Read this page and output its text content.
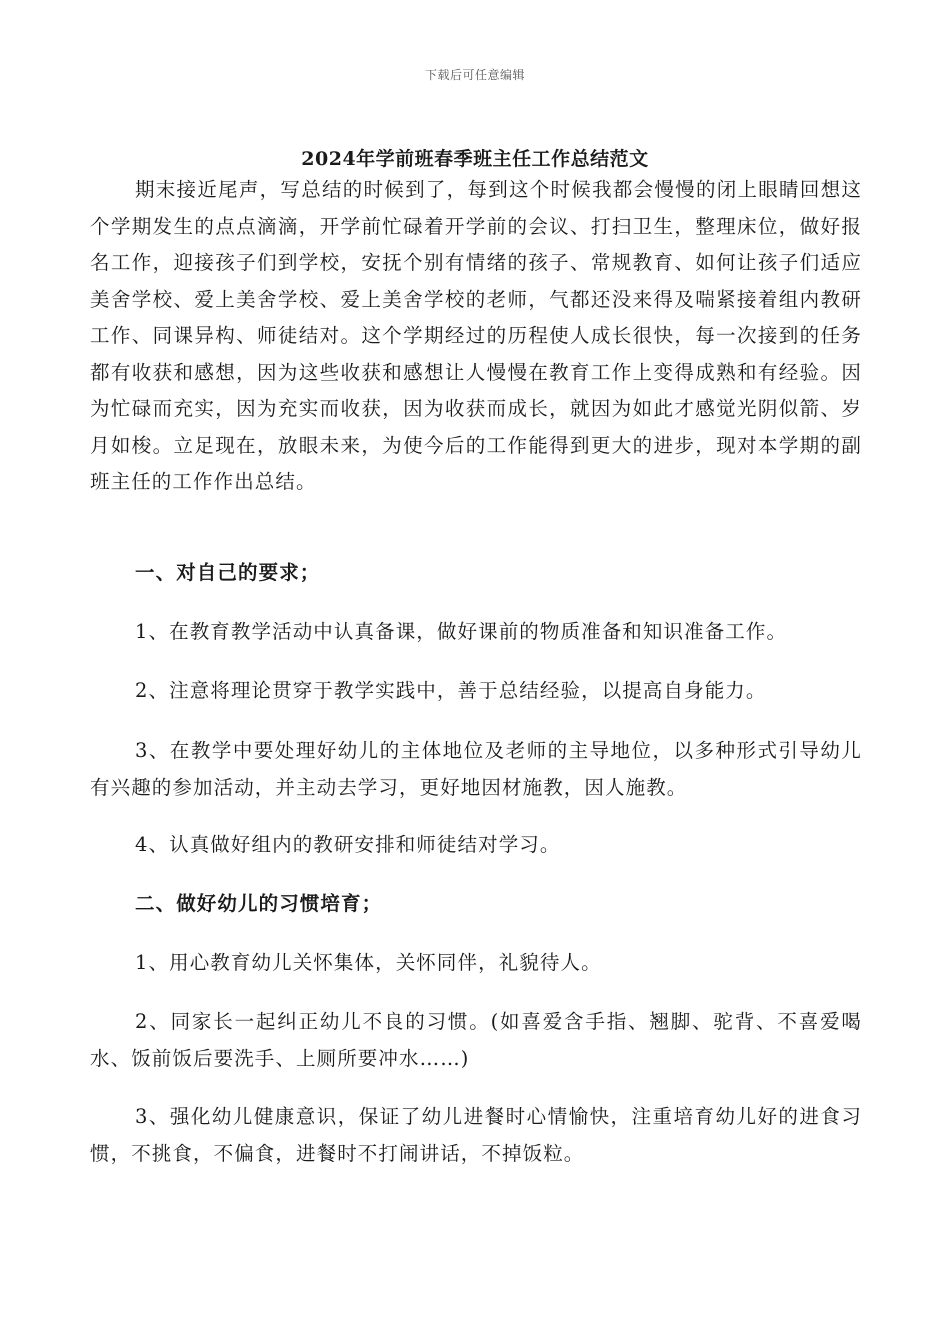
下载后可任意编辑
2024年学前班春季班主任工作总结范文

期末接近尾声，写总结的时候到了，每到这个时候我都会慢慢的闭上眼睛回想这个学期发生的点点滴滴，开学前忙碌着开学前的会议、打扫卫生，整理床位，做好报名工作，迎接孩子们到学校，安抚个别有情绪的孩子、常规教育、如何让孩子们适应美舍学校、爱上美舍学校、爱上美舍学校的老师，气都还没来得及喘紧接着组内教研工作、同课异构、师徒结对。这个学期经过的历程使人成长很快，每一次接到的任务都有收获和感想，因为这些收获和感想让人慢慢在教育工作上变得成熟和有经验。因为忙碌而充实，因为充实而收获，因为收获而成长，就因为如此才感觉光阴似箭、岁月如梭。立足现在，放眼未来，为使今后的工作能得到更大的进步，现对本学期的副班主任的工作作出总结。

一、对自己的要求；

1、在教育教学活动中认真备课，做好课前的物质准备和知识准备工作。

2、注意将理论贯穿于教学实践中，善于总结经验，以提高自身能力。

3、在教学中要处理好幼儿的主体地位及老师的主导地位，以多种形式引导幼儿有兴趣的参加活动，并主动去学习，更好地因材施教，因人施教。

4、认真做好组内的教研安排和师徒结对学习。

二、做好幼儿的习惯培育；

1、用心教育幼儿关怀集体，关怀同伴，礼貌待人。

2、同家长一起纠正幼儿不良的习惯。(如喜爱含手指、翘脚、驼背、不喜爱喝水、饭前饭后要洗手、上厕所要冲水……)

3、强化幼儿健康意识，保证了幼儿进餐时心情愉快，注重培育幼儿好的进食习惯，不挑食，不偏食，进餐时不打闹讲话，不掉饭粒。
